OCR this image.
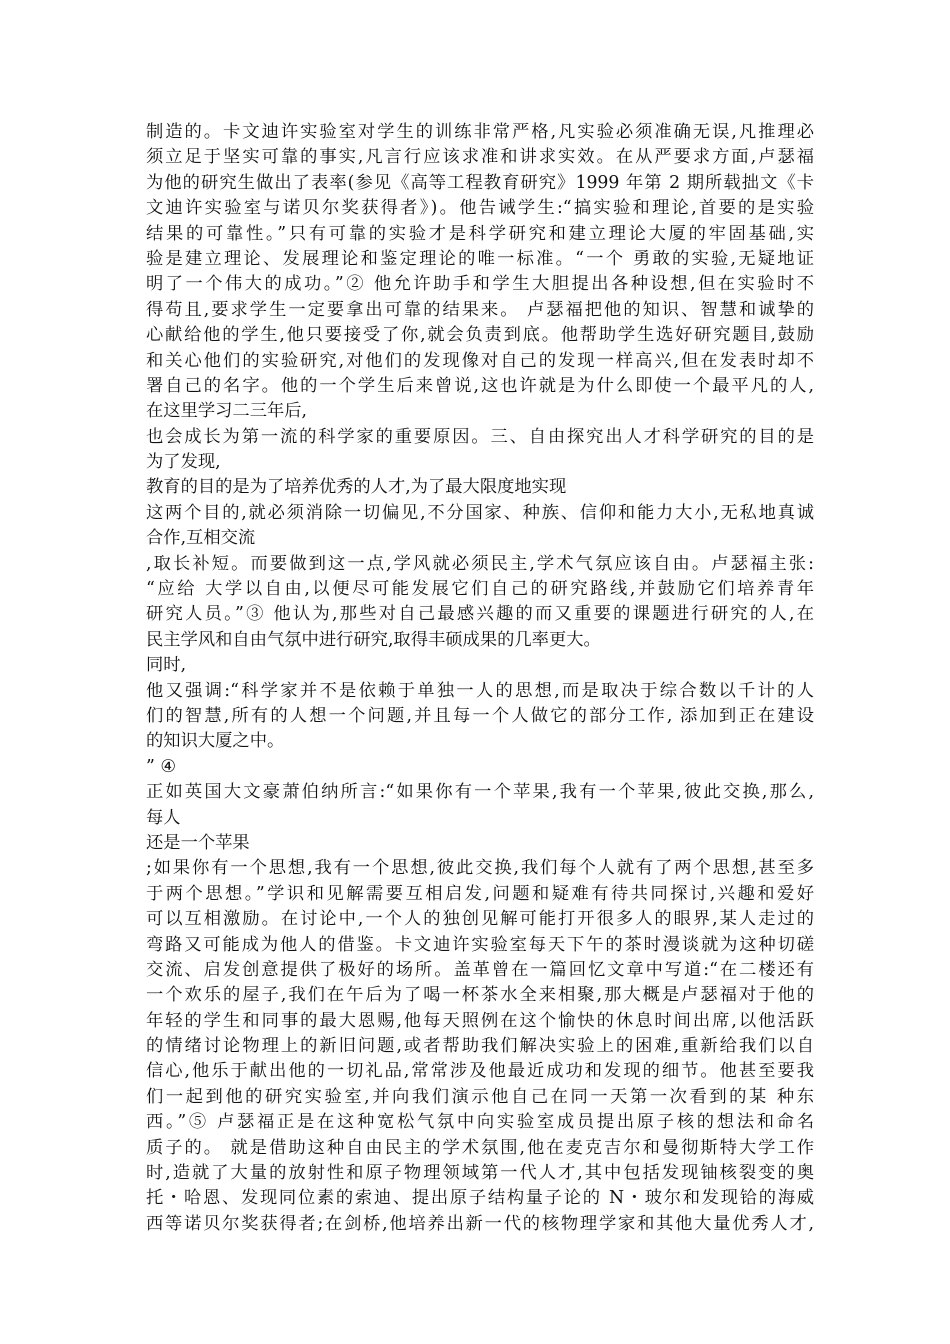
制造的。卡文迪许实验室对学生的训练非常严格,凡实验必须准确无误,凡推理必
须立足于坚实可靠的事实,凡言行应该求准和讲求实效。在从严要求方面,卢瑟福
为他的研究生做出了表率(参见《高等工程教育研究》1999 年第 2 期所载拙文《卡
文迪许实验室与诺贝尔奖获得者》)。他告诫学生:“搞实验和理论,首要的是实验
结果的可靠性。”只有可靠的实验才是科学研究和建立理论大厦的牢固基础,实
验是建立理论、发展理论和鉴定理论的唯一标准。“一个 勇敢的实验,无疑地证
明了一个伟大的成功。”② 他允许助手和学生大胆提出各种设想,但在实验时不
得苟且,要求学生一定要拿出可靠的结果来。 卢瑟福把他的知识、智慧和诚挚的
心献给他的学生,他只要接受了你,就会负责到底。他帮助学生选好研究题目,鼓励
和关心他们的实验研究,对他们的发现像对自己的发现一样高兴,但在发表时却不
署自己的名字。他的一个学生后来曾说,这也许就是为什么即使一个最平凡的人,
在这里学习二三年后,
也会成长为第一流的科学家的重要原因。三、自由探究出人才科学研究的目的是
为了发现,
教育的目的是为了培养优秀的人才,为了最大限度地实现
这两个目的,就必须消除一切偏见,不分国家、种族、信仰和能力大小,无私地真诚
合作,互相交流
,取长补短。而要做到这一点,学风就必须民主,学术气氛应该自由。卢瑟福主张:
“应给 大学以自由,以便尽可能发展它们自己的研究路线,并鼓励它们培养青年
研究人员。”③ 他认为,那些对自己最感兴趣的而又重要的课题进行研究的人,在
民主学风和自由气氛中进行研究,取得丰硕成果的几率更大。
同时,
他又强调:“科学家并不是依赖于单独一人的思想,而是取决于综合数以千计的人
们的智慧,所有的人想一个问题,并且每一个人做它的部分工作, 添加到正在建设
的知识大厦之中。
” ④
正如英国大文豪萧伯纳所言:“如果你有一个苹果,我有一个苹果,彼此交换,那么,
每人
还是一个苹果
;如果你有一个思想,我有一个思想,彼此交换,我们每个人就有了两个思想,甚至多
于两个思想。”学识和见解需要互相启发,问题和疑难有待共同探讨,兴趣和爱好
可以互相激励。在讨论中,一个人的独创见解可能打开很多人的眼界,某人走过的
弯路又可能成为他人的借鉴。卡文迪许实验室每天下午的茶时漫谈就为这种切磋
交流、启发创意提供了极好的场所。盖革曾在一篇回忆文章中写道:“在二楼还有
一个欢乐的屋子,我们在午后为了喝一杯茶水全来相聚,那大概是卢瑟福对于他的
年轻的学生和同事的最大恩赐,他每天照例在这个愉快的休息时间出席,以他活跃
的情绪讨论物理上的新旧问题,或者帮助我们解决实验上的困难,重新给我们以自
信心,他乐于献出他的一切礼品,常常涉及他最近成功和发现的细节。他甚至要我
们一起到他的研究实验室,并向我们演示他自己在同一天第一次看到的某 种东
西。”⑤ 卢瑟福正是在这种宽松气氛中向实验室成员提出原子核的想法和命名
质子的。 就是借助这种自由民主的学术氛围,他在麦克吉尔和曼彻斯特大学工作
时,造就了大量的放射性和原子物理领域第一代人才,其中包括发现铀核裂变的奥
托・哈恩、发现同位素的索迪、提出原子结构量子论的 N・玻尔和发现铪的海威
西等诺贝尔奖获得者;在剑桥,他培养出新一代的核物理学家和其他大量优秀人才,
